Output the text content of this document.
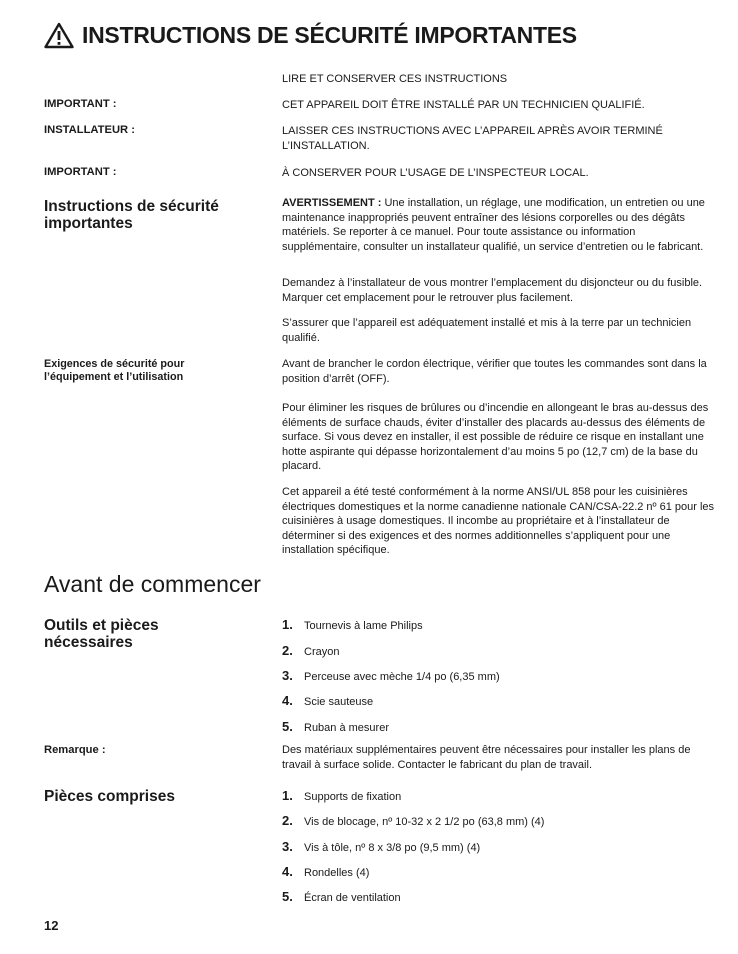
INSTRUCTIONS DE SÉCURITÉ IMPORTANTES
LIRE ET CONSERVER CES INSTRUCTIONS
IMPORTANT :	CET APPAREIL DOIT ÊTRE INSTALLÉ PAR UN TECHNICIEN QUALIFIÉ.
INSTALLATEUR :	LAISSER CES INSTRUCTIONS AVEC L’APPAREIL APRÈS AVOIR TERMINÉ L’INSTALLATION.
IMPORTANT :	À CONSERVER POUR L’USAGE DE L’INSPECTEUR LOCAL.
Instructions de sécurité importantes
AVERTISSEMENT : Une installation, un réglage, une modification, un entretien ou une maintenance inappropriés peuvent entraîner des lésions corporelles ou des dégâts matériels. Se reporter à ce manuel. Pour toute assistance ou information supplémentaire, consulter un installateur qualifié, un service d’entretien ou le fabricant.
Demandez à l’installateur de vous montrer l’emplacement du disjoncteur ou du fusible. Marquer cet emplacement pour le retrouver plus facilement.
S’assurer que l’appareil est adéquatement installé et mis à la terre par un technicien qualifié.
Exigences de sécurité pour l’équipement et l’utilisation
Avant de brancher le cordon électrique, vérifier que toutes les commandes sont dans la position d’arrêt (OFF).
Pour éliminer les risques de brûlures ou d’incendie en allongeant le bras au-dessus des éléments de surface chauds, éviter d’installer des placards au-dessus des éléments de surface. Si vous devez en installer, il est possible de réduire ce risque en installant une hotte aspirante qui dépasse horizontalement d’au moins 5 po (12,7 cm) de la base du placard.
Cet appareil a été testé conformément à la norme ANSI/UL 858 pour les cuisinières électriques domestiques et la norme canadienne nationale CAN/CSA-22.2 nº 61 pour les cuisinières à usage domestiques. Il incombe au propriétaire et à l’installateur de déterminer si des exigences et des normes additionnelles s’appliquent pour une installation spécifique.
Avant de commencer
Outils et pièces nécessaires
1.	Tournevis à lame Philips
2.	Crayon
3.	Perceuse avec mèche 1/4 po (6,35 mm)
4.	Scie sauteuse
5.	Ruban à mesurer
Remarque :	Des matériaux supplémentaires peuvent être nécessaires pour installer les plans de travail à surface solide. Contacter le fabricant du plan de travail.
Pièces comprises	1.	Supports de fixation
2.	Vis de blocage, nº 10-32 x 2 1/2 po (63,8 mm) (4)
3.	Vis à tôle, nº 8 x 3/8 po (9,5 mm) (4)
4.	Rondelles (4)
5.	Écran de ventilation
12
